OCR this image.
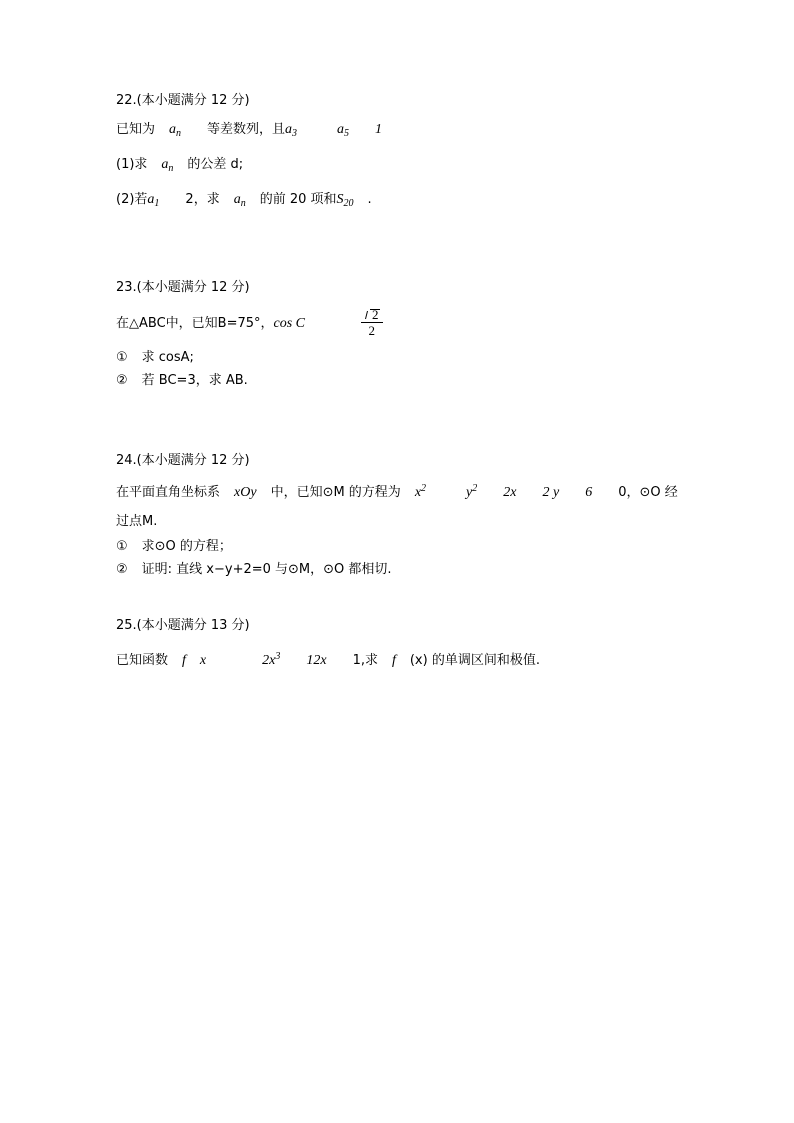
22.(本小题满分 12 分)
已知为 $a_n$ 等差数列，且$a_3$	$a_5$ 1
(1)求 $a_n$ 的公差 d;
(2)若$a_1$ 2，求 $a_n$ 的前 20 项和$S_{20}$ .
23.(本小题满分 12 分)
在△ABC中，已知B=75°，cos C	$\frac{2}{2}$
① 求 cosA;
② 若 BC=3，求 AB.
24.(本小题满分 12 分)
在平面直角坐标系 xOy 中，已知⊙M 的方程为 $x^2$	$y^2$ 2x 2 y 6 0，⊙O 经
过点M.
① 求⊙O 的方程；
② 证明: 直线 x−y+2=0 与⊙M，⊙O 都相切.
25.(本小题满分 13 分)
已知函数 f x	$2x^3$ 12x 1,求 f (x) 的单调区间和极值.
